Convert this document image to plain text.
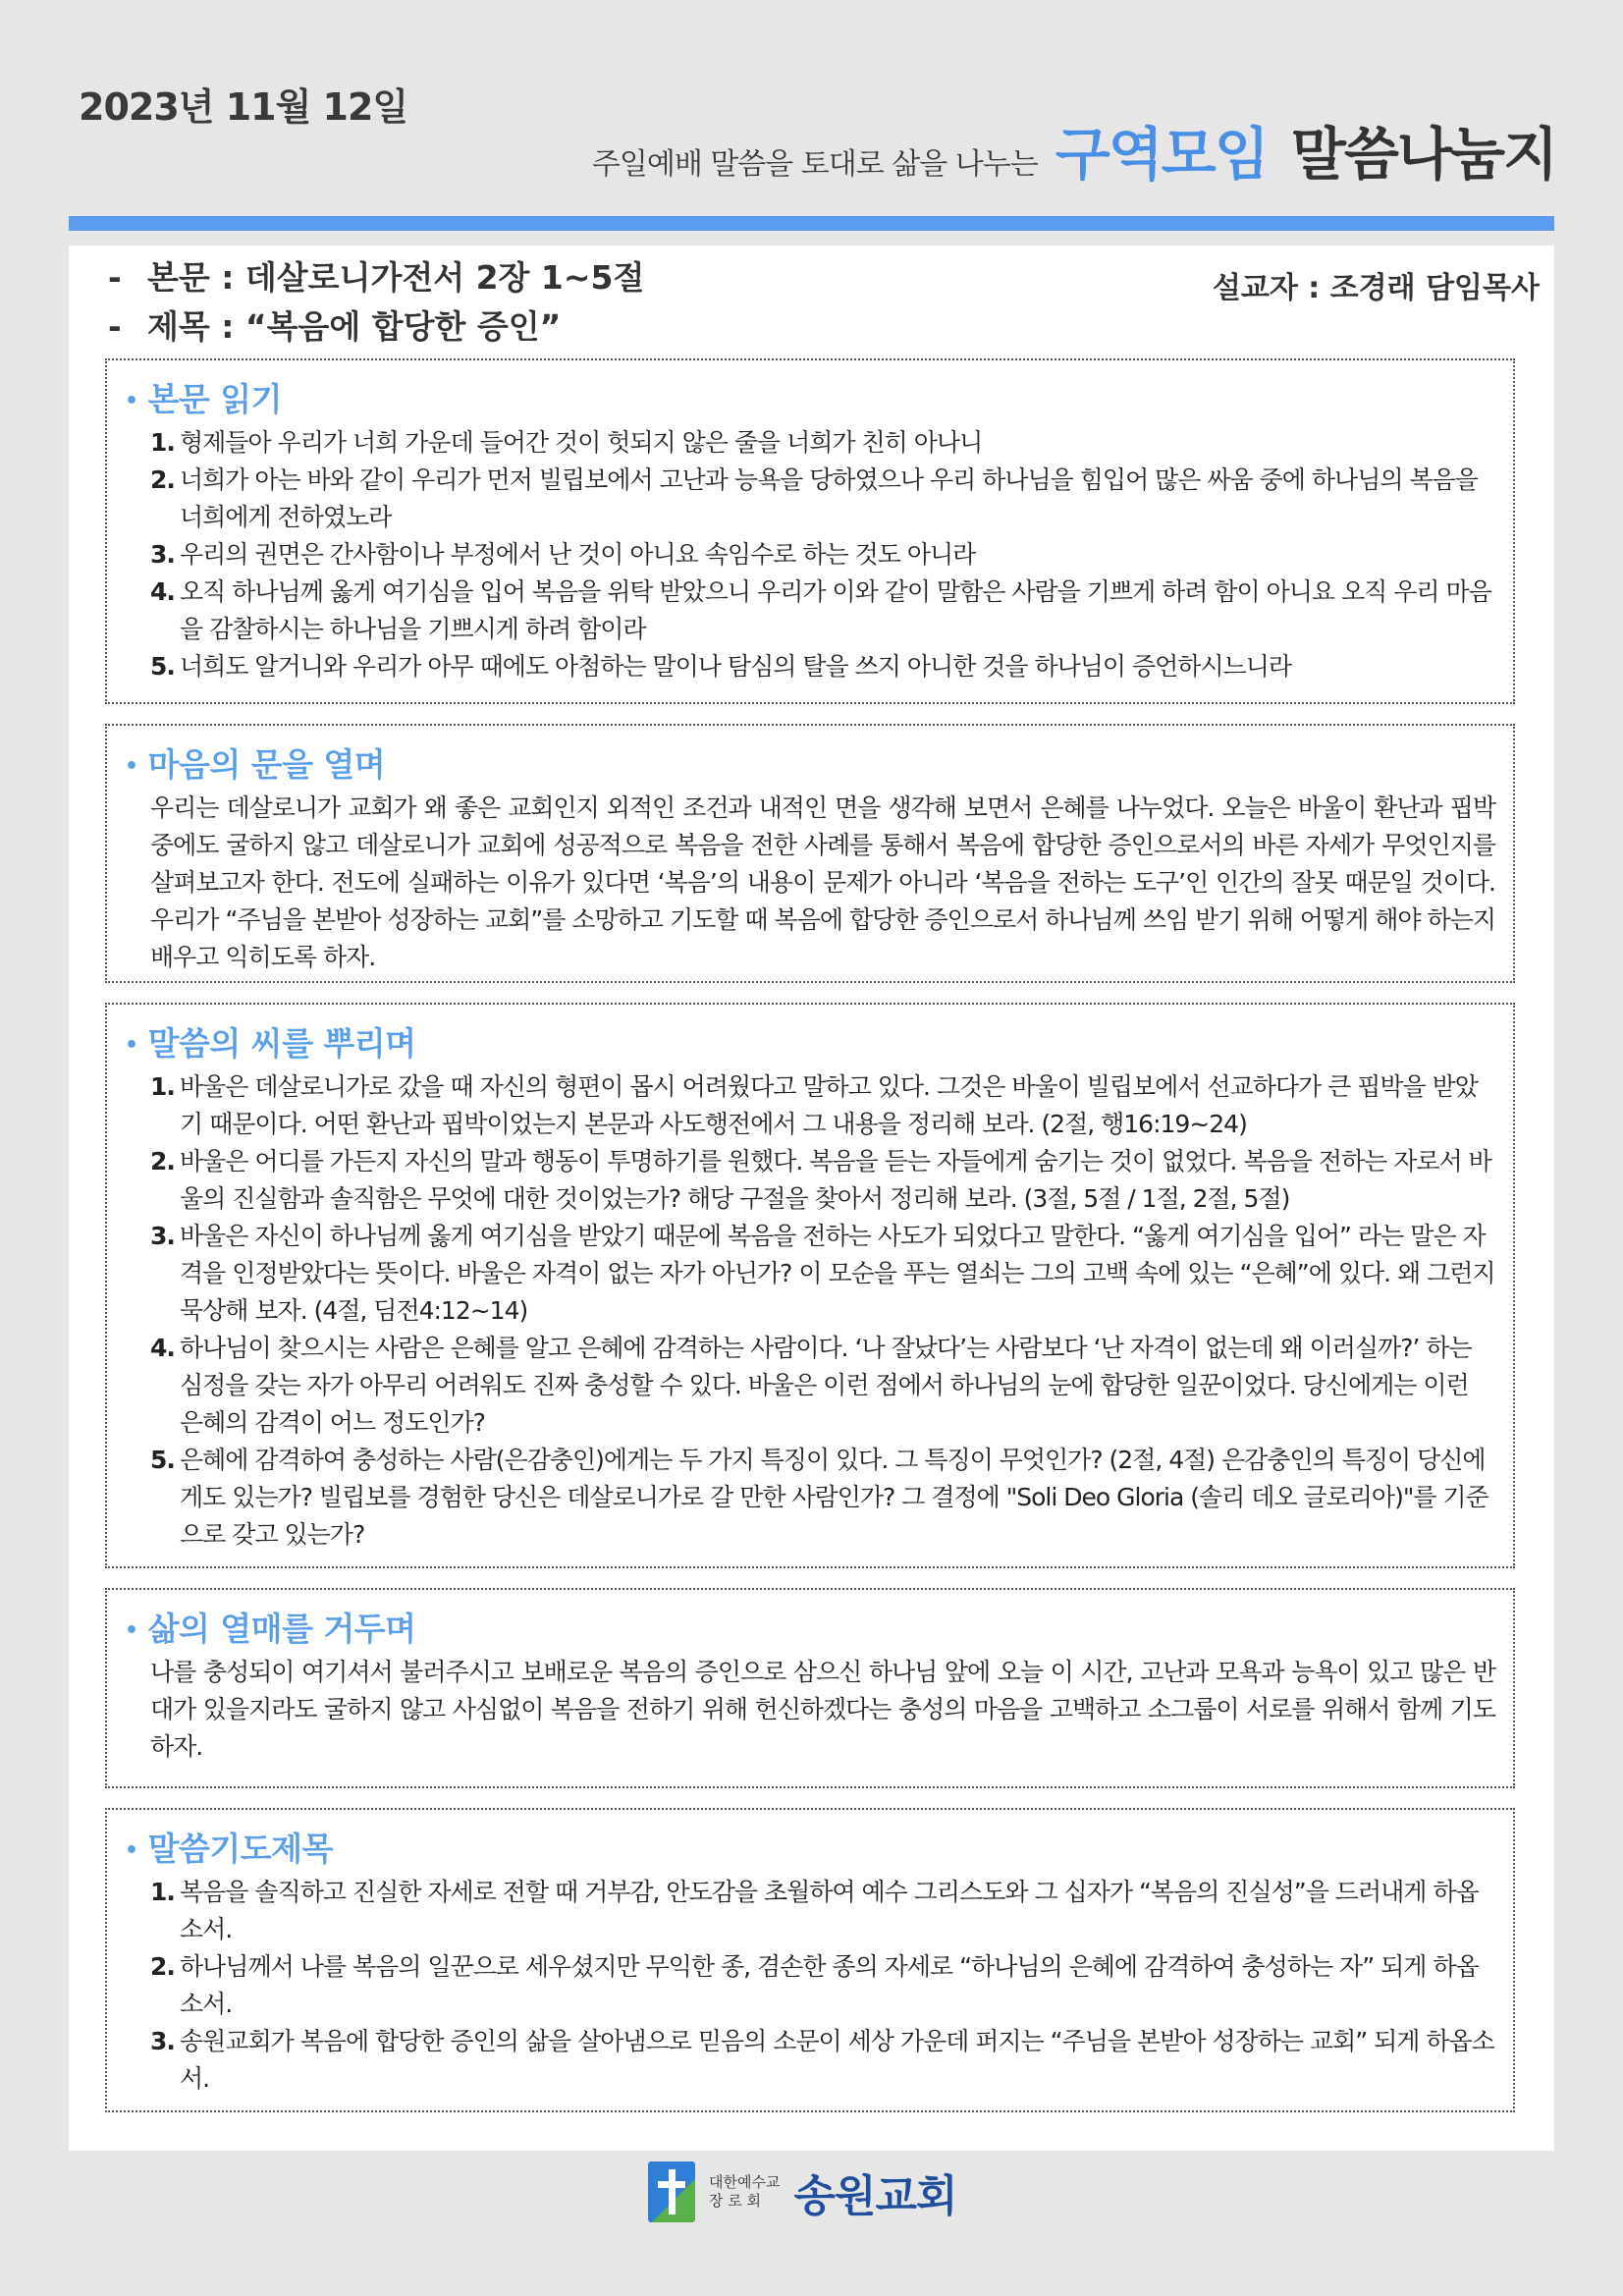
2023년 11월 12일
주일예배 말씀을 토대로 삶을 나누는 구역모임 말씀나눔지
- 본문 : 데살로니가전서 2장 1~5절
- 제목 : “복음에 합당한 증인”
설교자 : 조경래 담임목사
• 본문 읽기
1. 형제들아 우리가 너희 가운데 들어간 것이 헛되지 않은 줄을 너희가 친히 아나니
2. 너희가 아는 바와 같이 우리가 먼저 빌립보에서 고난과 능욕을 당하였으나 우리 하나님을 힘입어 많은 싸움 중에 하나님의 복음을 너희에게 전하였노라
3. 우리의 권면은 간사함이나 부정에서 난 것이 아니요 속임수로 하는 것도 아니라
4. 오직 하나님께 옳게 여기심을 입어 복음을 위탁 받았으니 우리가 이와 같이 말함은 사람을 기쁘게 하려 함이 아니요 오직 우리 마음을 감찰하시는 하나님을 기쁘시게 하려 함이라
5. 너희도 알거니와 우리가 아무 때에도 아첨하는 말이나 탐심의 탈을 쓰지 아니한 것을 하나님이 증언하시느니라
• 마음의 문을 열며

우리는 데살로니가 교회가 왜 좋은 교회인지 외적인 조건과 내적인 면을 생각해 보면서 은혜를 나누었다. 오늘은 바울이 환난과 핍박 중에도 굴하지 않고 데살로니가 교회에 성공적으로 복음을 전한 사례를 통해서 복음에 합당한 증인으로서의 바른 자세가 무엇인지를 살펴보고자 한다. 전도에 실패하는 이유가 있다면 ‘복음’의 내용이 문제가 아니라 ‘복음을 전하는 도구’인 인간의 잘못 때문일 것이다. 우리가 “주님을 본받아 성장하는 교회”를 소망하고 기도할 때 복음에 합당한 증인으로서 하나님께 쓰임 받기 위해 어떻게 해야 하는지 배우고 익히도록 하자.

• 말씀의 씨를 뿌리며
1. 바울은 데살로니가로 갔을 때 자신의 형편이 몹시 어려웠다고 말하고 있다. 그것은 바울이 빌립보에서 선교하다가 큰 핍박을 받았기 때문이다. 어떤 환난과 핍박이었는지 본문과 사도행전에서 그 내용을 정리해 보라. (2절, 행16:19~24)
2. 바울은 어디를 가든지 자신의 말과 행동이 투명하기를 원했다. 복음을 듣는 자들에게 숨기는 것이 없었다. 복음을 전하는 자로서 바울의 진실함과 솔직함은 무엇에 대한 것이었는가? 해당 구절을 찾아서 정리해 보라. (3절, 5절 / 1절, 2절, 5절)
3. 바울은 자신이 하나님께 옳게 여기심을 받았기 때문에 복음을 전하는 사도가 되었다고 말한다. “옳게 여기심을 입어” 라는 말은 자격을 인정받았다는 뜻이다. 바울은 자격이 없는 자가 아닌가? 이 모순을 푸는 열쇠는 그의 고백 속에 있는 “은혜”에 있다. 왜 그런지 묵상해 보자. (4절, 딤전4:12~14)
4. 하나님이 찾으시는 사람은 은혜를 알고 은혜에 감격하는 사람이다. ‘나 잘났다’는 사람보다 ‘난 자격이 없는데 왜 이러실까?’ 하는 심정을 갖는 자가 아무리 어려워도 진짜 충성할 수 있다. 바울은 이런 점에서 하나님의 눈에 합당한 일꾼이었다. 당신에게는 이런 은혜의 감격이 어느 정도인가?
5. 은혜에 감격하여 충성하는 사람(은감충인)에게는 두 가지 특징이 있다. 그 특징이 무엇인가? (2절, 4절) 은감충인의 특징이 당신에게도 있는가? 빌립보를 경험한 당신은 데살로니가로 갈 만한 사람인가? 그 결정에 "Soli Deo Gloria (솔리 데오 글로리아)"를 기준으로 갖고 있는가?
• 삶의 열매를 거두며

나를 충성되이 여기셔서 불러주시고 보배로운 복음의 증인으로 삼으신 하나님 앞에 오늘 이 시간, 고난과 모욕과 능욕이 있고 많은 반대가 있을지라도 굴하지 않고 사심없이 복음을 전하기 위해 헌신하겠다는 충성의 마음을 고백하고 소그룹이 서로를 위해서 함께 기도하자.

• 말씀기도제목
1. 복음을 솔직하고 진실한 자세로 전할 때 거부감, 안도감을 초월하여 예수 그리스도와 그 십자가 “복음의 진실성”을 드러내게 하옵소서.
2. 하나님께서 나를 복음의 일꾼으로 세우셨지만 무익한 종, 겸손한 종의 자세로 “하나님의 은혜에 감격하여 충성하는 자” 되게 하옵소서.
3. 송원교회가 복음에 합당한 증인의 삶을 살아냄으로 믿음의 소문이 세상 가운데 퍼지는 “주님을 본받아 성장하는 교회” 되게 하옵소서.
대한예수교
장 로 회 송원교회
